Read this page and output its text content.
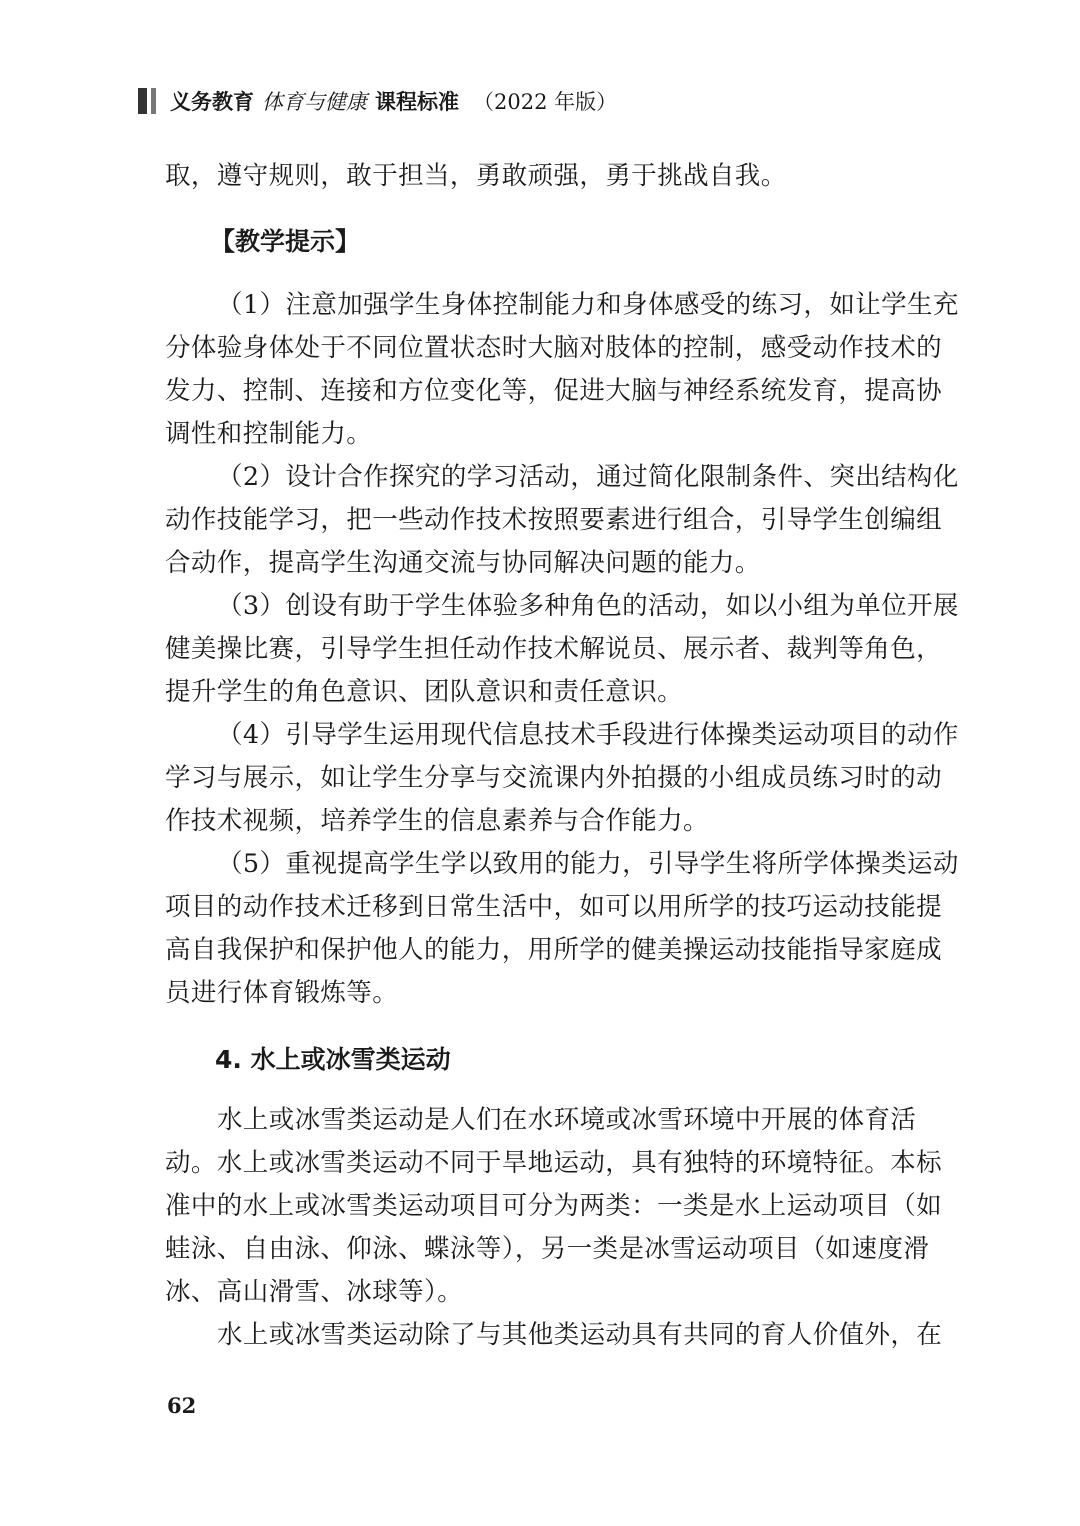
义务教育 体育与健康 课程标准 （2022 年版）

取，遵守规则，敢于担当，勇敢顽强，勇于挑战自我。

【教学提示】

（1）注意加强学生身体控制能力和身体感受的练习，如让学生充

分体验身体处于不同位置状态时大脑对肢体的控制，感受动作技术的

发力、控制、连接和方位变化等，促进大脑与神经系统发育，提高协

调性和控制能力。

（2）设计合作探究的学习活动，通过简化限制条件、突出结构化

动作技能学习，把一些动作技术按照要素进行组合，引导学生创编组

合动作，提高学生沟通交流与协同解决问题的能力。

（3）创设有助于学生体验多种角色的活动，如以小组为单位开展

健美操比赛，引导学生担任动作技术解说员、展示者、裁判等角色，

提升学生的角色意识、团队意识和责任意识。

（4）引导学生运用现代信息技术手段进行体操类运动项目的动作

学习与展示，如让学生分享与交流课内外拍摄的小组成员练习时的动

作技术视频，培养学生的信息素养与合作能力。

（5）重视提高学生学以致用的能力，引导学生将所学体操类运动

项目的动作技术迁移到日常生活中，如可以用所学的技巧运动技能提

高自我保护和保护他人的能力，用所学的健美操运动技能指导家庭成

员进行体育锻炼等。

4. 水上或冰雪类运动

水上或冰雪类运动是人们在水环境或冰雪环境中开展的体育活

动。水上或冰雪类运动不同于旱地运动，具有独特的环境特征。本标

准中的水上或冰雪类运动项目可分为两类：一类是水上运动项目（如

蛙泳、自由泳、仰泳、蝶泳等），另一类是冰雪运动项目（如速度滑

冰、高山滑雪、冰球等）。

水上或冰雪类运动除了与其他类运动具有共同的育人价值外，在

62
